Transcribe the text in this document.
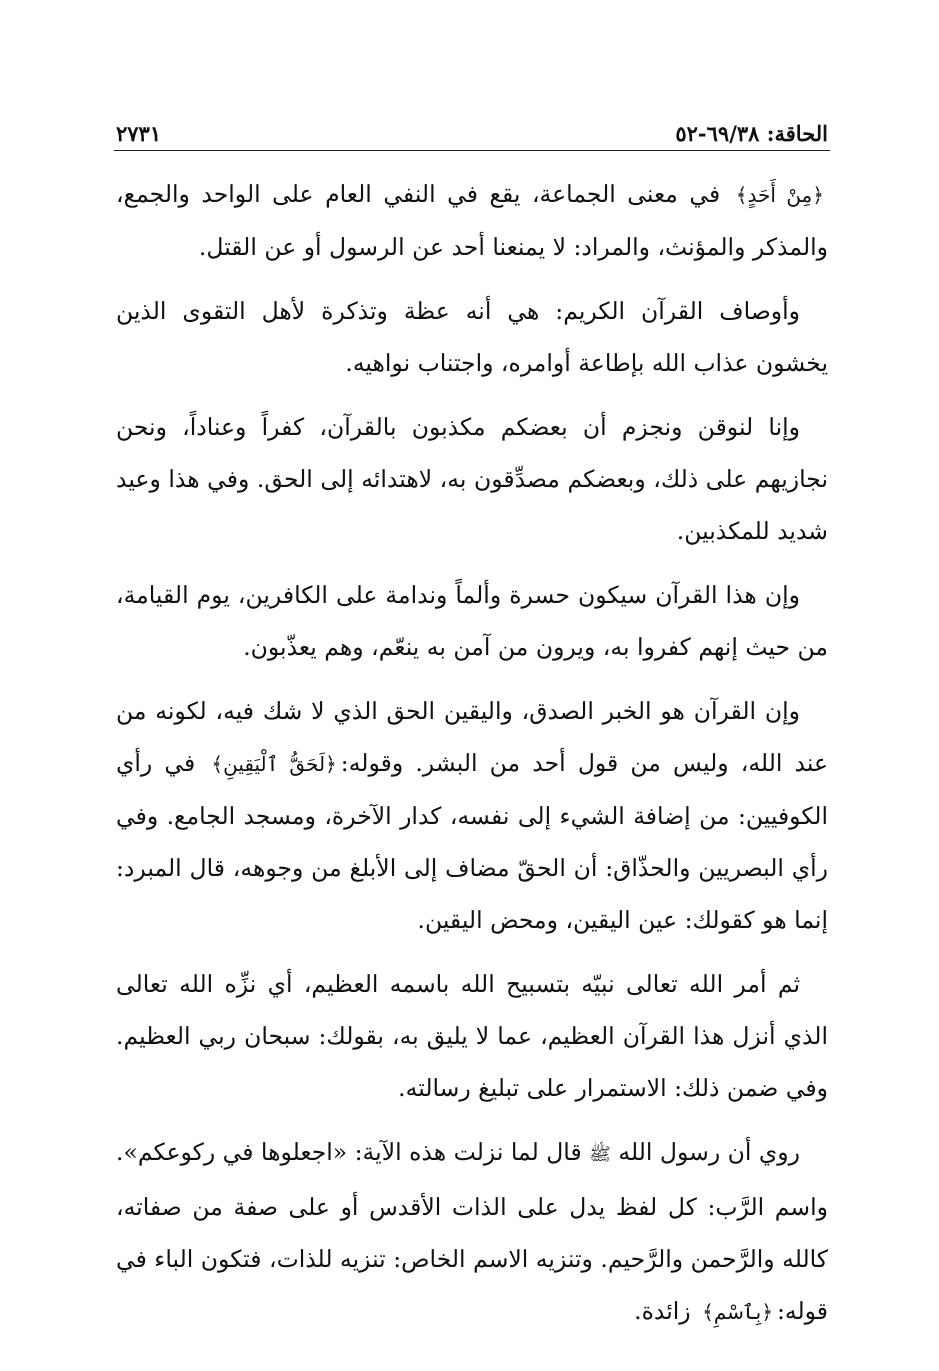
الحاقة: ٦٩/٣٨-٥٢
٢٧٣١

﴿مِنْ أَحَدٍ﴾ في معنى الجماعة، يقع في النفي العام على الواحد والجمع، والمذكر والمؤنث، والمراد: لا يمنعنا أحد عن الرسول أو عن القتل.

وأوصاف القرآن الكريم: هي أنه عظة وتذكرة لأهل التقوى الذين يخشون عذاب الله بإطاعة أوامره، واجتناب نواهيه.

وإنا لنوقن ونجزم أن بعضكم مكذبون بالقرآن، كفراً وعناداً، ونحن نجازيهم على ذلك، وبعضكم مصدِّقون به، لاهتدائه إلى الحق. وفي هذا وعيد شديد للمكذبين.

وإن هذا القرآن سيكون حسرة وألماً وندامة على الكافرين، يوم القيامة، من حيث إنهم كفروا به، ويرون من آمن به ينعّم، وهم يعذّبون.

وإن القرآن هو الخبر الصدق، واليقين الحق الذي لا شك فيه، لكونه من عند الله، وليس من قول أحد من البشر. وقوله:﴿لَحَقُّ ٱلْيَقِينِ﴾ في رأي الكوفيين: من إضافة الشيء إلى نفسه، كدار الآخرة، ومسجد الجامع. وفي رأي البصريين والحذّاق: أن الحقّ مضاف إلى الأبلغ من وجوهه، قال المبرد: إنما هو كقولك: عين اليقين، ومحض اليقين.

ثم أمر الله تعالى نبيّه بتسبيح الله باسمه العظيم، أي نزِّه الله تعالى الذي أنزل هذا القرآن العظيم، عما لا يليق به، بقولك: سبحان ربي العظيم. وفي ضمن ذلك: الاستمرار على تبليغ رسالته.

روي أن رسول الله ﷺ قال لما نزلت هذه الآية: «اجعلوها في ركوعكم». واسم الرَّب: كل لفظ يدل على الذات الأقدس أو على صفة من صفاته، كالله والرَّحمن والرَّحيم. وتنزيه الاسم الخاص: تنزيه للذات، فتكون الباء في قوله:﴿بِٱسْمِ﴾ زائدة.
